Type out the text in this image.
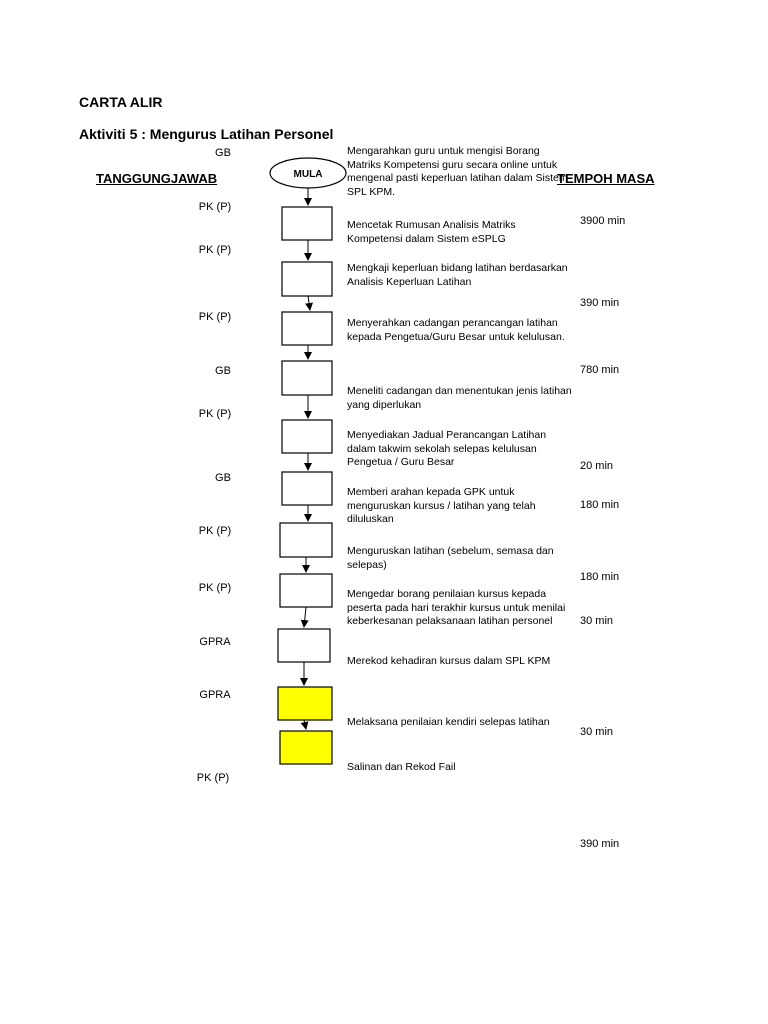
CARTA ALIR
Aktiviti 5 : Mengurus Latihan Personel
TANGGUNGJAWAB	TEMPOH MASA
GB
PK (P)
PK (P)
PK (P)
GB
PK (P)
GB
PK (P)
PK (P)
GPRA
GPRA
PK (P)
MULA
Mengarahkan guru untuk mengisi Borang Matriks Kompetensi guru secara online untuk mengenal pasti keperluan latihan dalam Sistem SPL KPM.
Mencetak Rumusan Analisis Matriks Kompetensi dalam Sistem eSPLG
Mengkaji keperluan bidang latihan berdasarkan Analisis Keperluan Latihan
Menyerahkan cadangan perancangan latihan kepada Pengetua/Guru Besar untuk kelulusan.
Meneliti cadangan dan menentukan jenis latihan yang diperlukan
Menyediakan Jadual Perancangan Latihan dalam takwim sekolah selepas kelulusan Pengetua / Guru Besar
Memberi arahan kepada GPK untuk menguruskan kursus / latihan yang telah diluluskan
Menguruskan latihan (sebelum, semasa dan selepas)
Mengedar borang penilaian kursus kepada peserta pada hari terakhir kursus untuk menilai keberkesanan pelaksanaan latihan personel
Merekod kehadiran kursus dalam SPL KPM
Melaksana penilaian kendiri selepas latihan
Salinan dan Rekod Fail
3900 min
390 min
780 min
20 min
180 min
180 min
30 min
30 min
390 min
